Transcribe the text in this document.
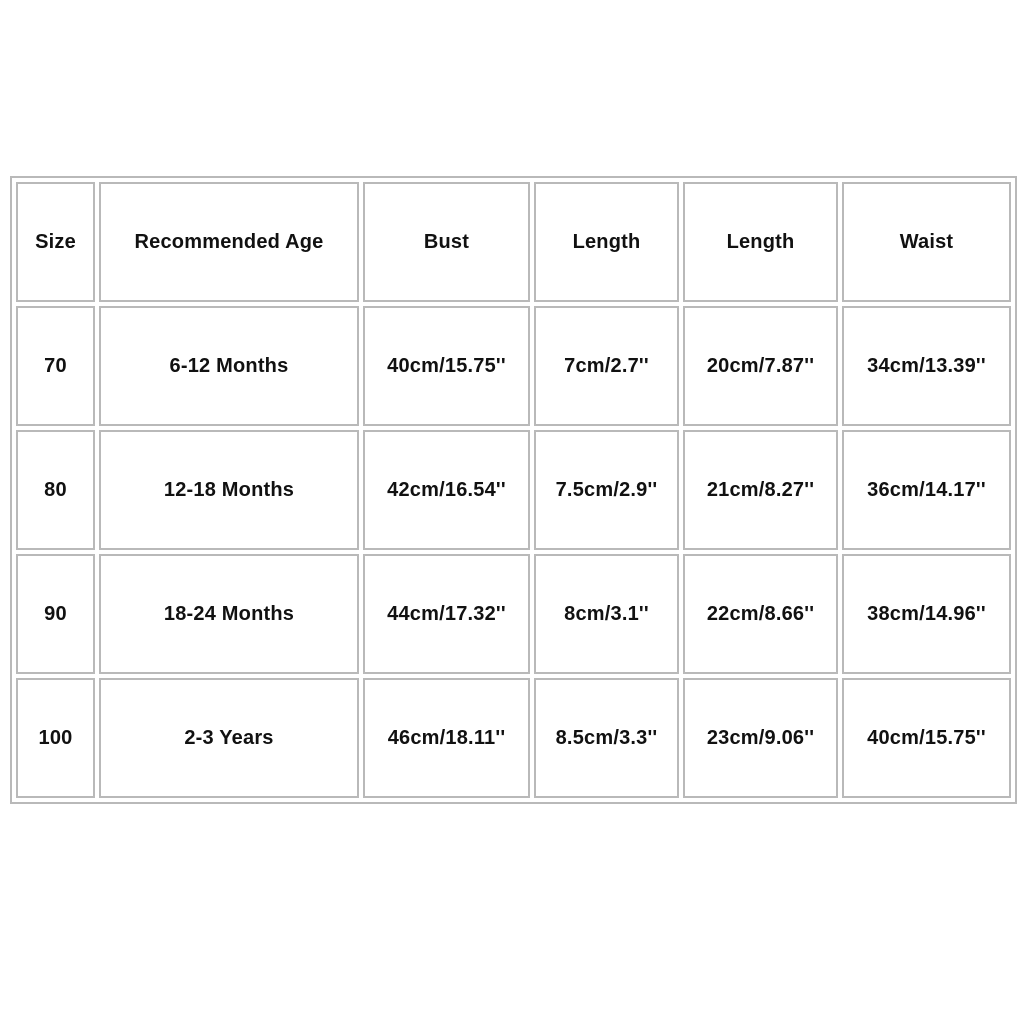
Size	Recommended Age	Bust	Length	Length	Waist
70	6-12 Months	40cm/15.75''	7cm/2.7''	20cm/7.87''	34cm/13.39''
80	12-18 Months	42cm/16.54''	7.5cm/2.9''	21cm/8.27''	36cm/14.17''
90	18-24 Months	44cm/17.32''	8cm/3.1''	22cm/8.66''	38cm/14.96''
100	2-3 Years	46cm/18.11''	8.5cm/3.3''	23cm/9.06''	40cm/15.75''
